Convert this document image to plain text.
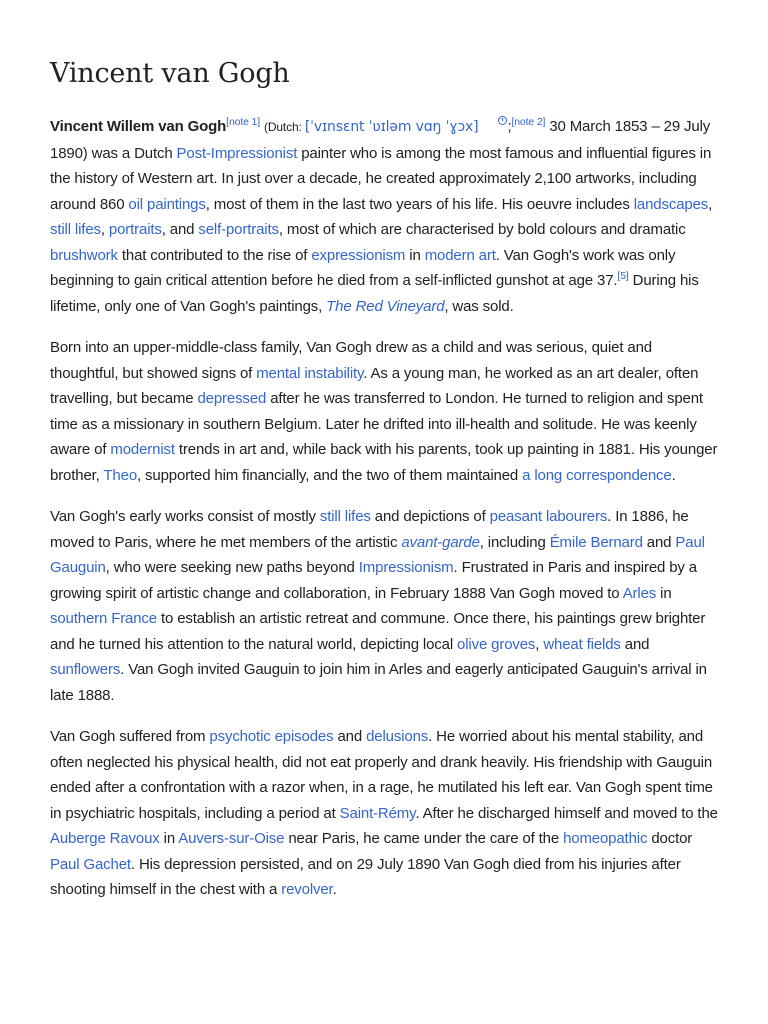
Vincent van Gogh

Vincent Willem van Gogh[note 1] (Dutch: [ˈvɪnsɛnt ˈʋɪləm vɑŋ ˈɣɔx] ;[note 2] 30 March 1853 – 29 July 1890) was a Dutch Post-Impressionist painter who is among the most famous and influential figures in the history of Western art. In just over a decade, he created approximately 2,100 artworks, including around 860 oil paintings, most of them in the last two years of his life. His oeuvre includes landscapes, still lifes, portraits, and self-portraits, most of which are characterised by bold colours and dramatic brushwork that contributed to the rise of expressionism in modern art. Van Gogh's work was only beginning to gain critical attention before he died from a self-inflicted gunshot at age 37.[5] During his lifetime, only one of Van Gogh's paintings, The Red Vineyard, was sold.

Born into an upper-middle-class family, Van Gogh drew as a child and was serious, quiet and thoughtful, but showed signs of mental instability. As a young man, he worked as an art dealer, often travelling, but became depressed after he was transferred to London. He turned to religion and spent time as a missionary in southern Belgium. Later he drifted into ill-health and solitude. He was keenly aware of modernist trends in art and, while back with his parents, took up painting in 1881. His younger brother, Theo, supported him financially, and the two of them maintained a long correspondence.

Van Gogh's early works consist of mostly still lifes and depictions of peasant labourers. In 1886, he moved to Paris, where he met members of the artistic avant-garde, including Émile Bernard and Paul Gauguin, who were seeking new paths beyond Impressionism. Frustrated in Paris and inspired by a growing spirit of artistic change and collaboration, in February 1888 Van Gogh moved to Arles in southern France to establish an artistic retreat and commune. Once there, his paintings grew brighter and he turned his attention to the natural world, depicting local olive groves, wheat fields and sunflowers. Van Gogh invited Gauguin to join him in Arles and eagerly anticipated Gauguin's arrival in late 1888.

Van Gogh suffered from psychotic episodes and delusions. He worried about his mental stability, and often neglected his physical health, did not eat properly and drank heavily. His friendship with Gauguin ended after a confrontation with a razor when, in a rage, he mutilated his left ear. Van Gogh spent time in psychiatric hospitals, including a period at Saint-Rémy. After he discharged himself and moved to the Auberge Ravoux in Auvers-sur-Oise near Paris, he came under the care of the homeopathic doctor Paul Gachet. His depression persisted, and on 29 July 1890 Van Gogh died from his injuries after shooting himself in the chest with a revolver.
